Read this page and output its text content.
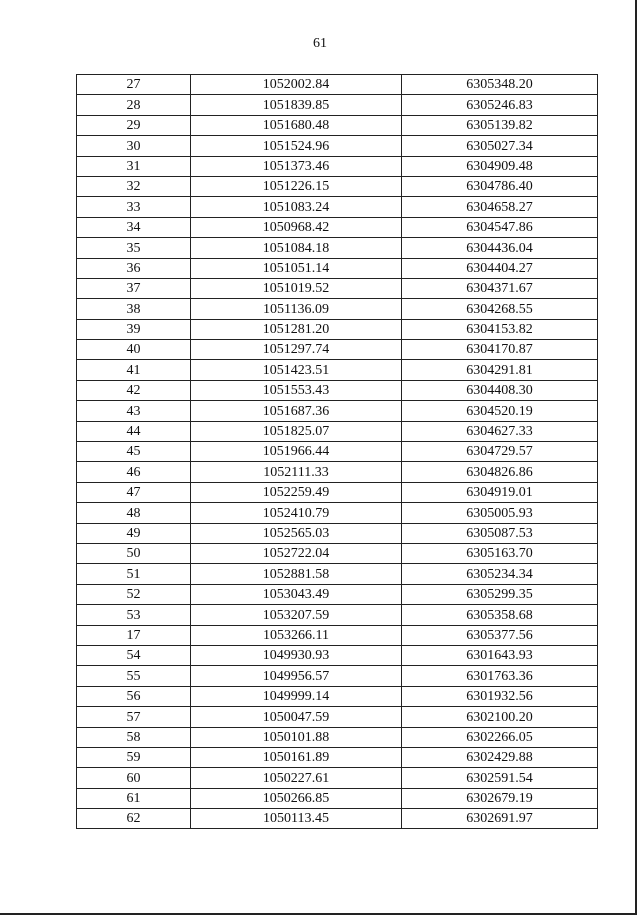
61
27	1052002.84	6305348.20
28	1051839.85	6305246.83
29	1051680.48	6305139.82
30	1051524.96	6305027.34
31	1051373.46	6304909.48
32	1051226.15	6304786.40
33	1051083.24	6304658.27
34	1050968.42	6304547.86
35	1051084.18	6304436.04
36	1051051.14	6304404.27
37	1051019.52	6304371.67
38	1051136.09	6304268.55
39	1051281.20	6304153.82
40	1051297.74	6304170.87
41	1051423.51	6304291.81
42	1051553.43	6304408.30
43	1051687.36	6304520.19
44	1051825.07	6304627.33
45	1051966.44	6304729.57
46	1052111.33	6304826.86
47	1052259.49	6304919.01
48	1052410.79	6305005.93
49	1052565.03	6305087.53
50	1052722.04	6305163.70
51	1052881.58	6305234.34
52	1053043.49	6305299.35
53	1053207.59	6305358.68
17	1053266.11	6305377.56
54	1049930.93	6301643.93
55	1049956.57	6301763.36
56	1049999.14	6301932.56
57	1050047.59	6302100.20
58	1050101.88	6302266.05
59	1050161.89	6302429.88
60	1050227.61	6302591.54
61	1050266.85	6302679.19
62	1050113.45	6302691.97
